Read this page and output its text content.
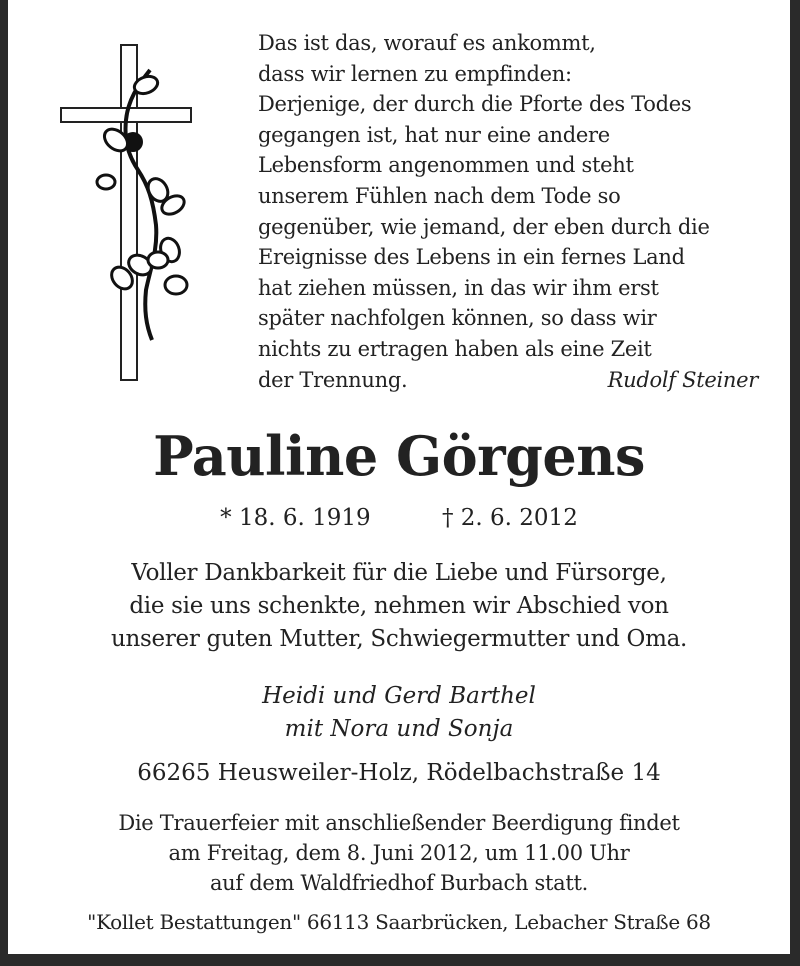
Das ist das, worauf es ankommt,
dass wir lernen zu empfinden:
Derjenige, der durch die Pforte des Todes
gegangen ist, hat nur eine andere
Lebensform angenommen und steht
unserem Fühlen nach dem Tode so
gegenüber, wie jemand, der eben durch die
Ereignisse des Lebens in ein fernes Land
hat ziehen müssen, in das wir ihm erst
später nachfolgen können, so dass wir
nichts zu ertragen haben als eine Zeit
der Trennung.	Rudolf Steiner
Pauline Görgens
* 18. 6. 1919	† 2. 6. 2012
Voller Dankbarkeit für die Liebe und Fürsorge,
die sie uns schenkte, nehmen wir Abschied von
unserer guten Mutter, Schwiegermutter und Oma.
Heidi und Gerd Barthel
mit Nora und Sonja
66265 Heusweiler-Holz, Rödelbachstraße 14
Die Trauerfeier mit anschließender Beerdigung findet
am Freitag, dem 8. Juni 2012, um 11.00 Uhr
auf dem Waldfriedhof Burbach statt.
"Kollet Bestattungen" 66113 Saarbrücken, Lebacher Straße 68
